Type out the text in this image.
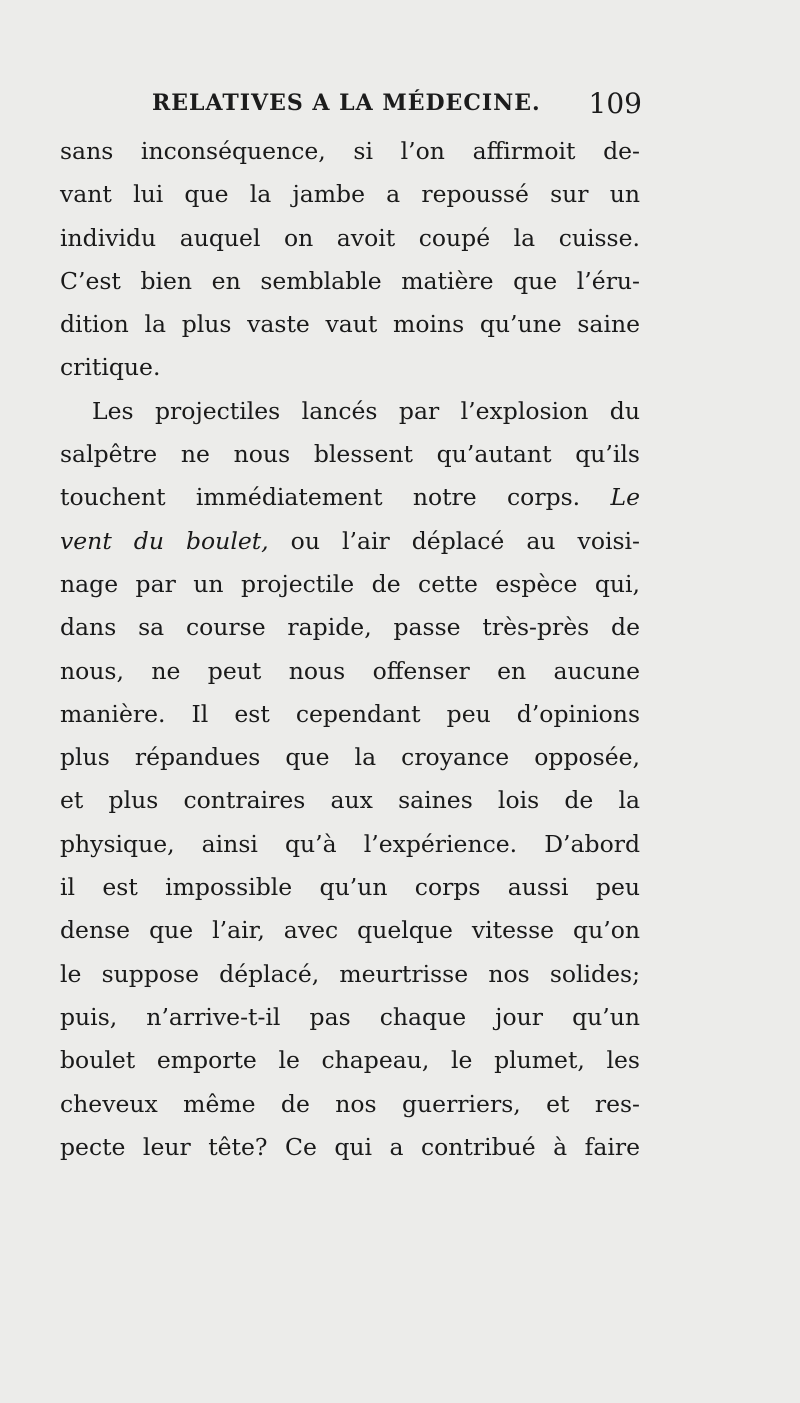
RELATIVES A LA MÉDECINE. 109
sans inconséquence, si l’on affirmoit de-
vant lui que la jambe a repoussé sur un
individu auquel on avoit coupé la cuisse.
C’est bien en semblable matière que l’éru-
dition la plus vaste vaut moins qu’une saine
critique.
Les projectiles lancés par l’explosion du
salpêtre ne nous blessent qu’autant qu’ils
touchent immédiatement notre corps. Le
vent du boulet, ou l’air déplacé au voisi-
nage par un projectile de cette espèce qui,
dans sa course rapide, passe très-près de
nous, ne peut nous offenser en aucune
manière. Il est cependant peu d’opinions
plus répandues que la croyance opposée,
et plus contraires aux saines lois de la
physique, ainsi qu’à l’expérience. D’abord
il est impossible qu’un corps aussi peu
dense que l’air, avec quelque vitesse qu’on
le suppose déplacé, meurtrisse nos solides;
puis, n’arrive-t-il pas chaque jour qu’un
boulet emporte le chapeau, le plumet, les
cheveux même de nos guerriers, et res-
pecte leur tête? Ce qui a contribué à faire
